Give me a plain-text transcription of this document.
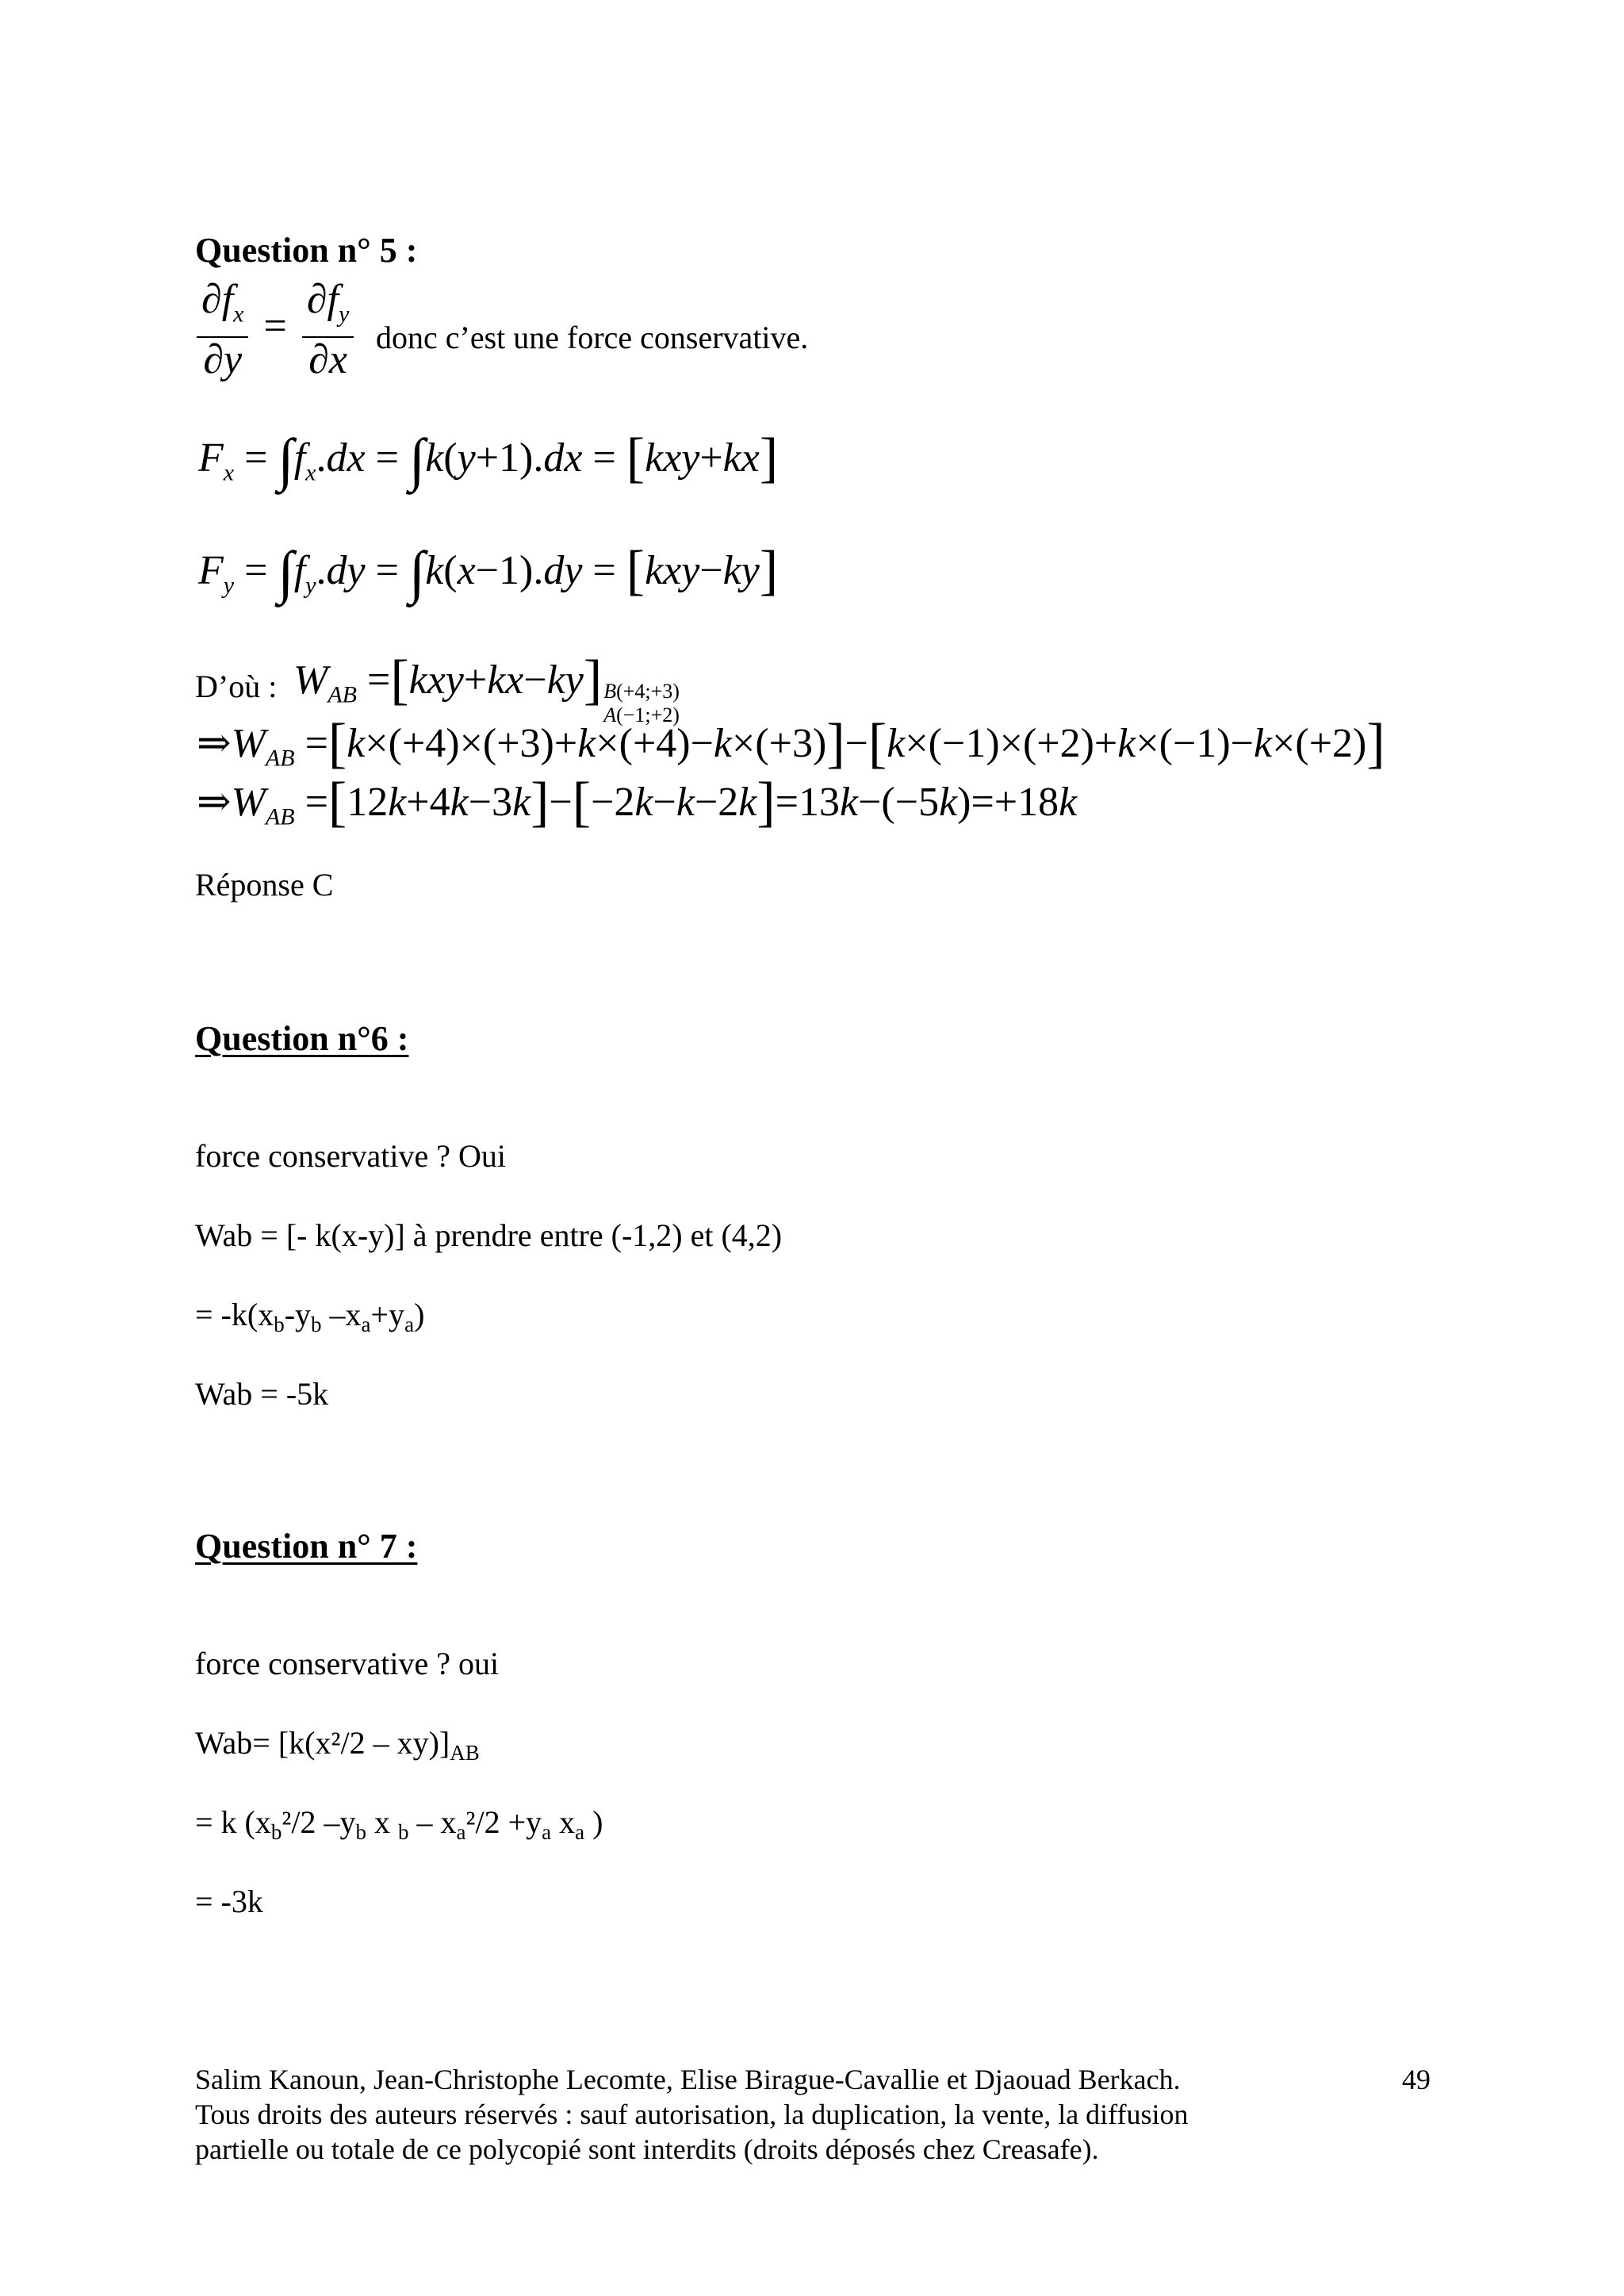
Question n° 5 :
$\frac{\partial f_x}{\partial y} = \frac{\partial f_y}{\partial x}$ donc c’est une force conservative.
$F_x = \int f_x.dx = \int k(y+1).dx = [kxy+kx]$
$F_y = \int f_y.dy = \int k(x-1).dy = [kxy-ky]$
D’où : $W_{AB} =[kxy+kx-ky]$ B(+4;+3)
A(−1;+2)
$\Rightarrow W_{AB} =[k\times(+4)\times(+3)+k\times(+4)-k\times(+3)]-[k\times(-1)\times(+2)+k\times(-1)-k\times(+2)]$
$\Rightarrow W_{AB} =[12k+4k-3k]-[-2k-k-2k]=13k-(-5k)=+18k$
Réponse C
Question n°6 :
force conservative ? Oui
Wab = [- k(x-y)] à prendre entre (-1,2) et (4,2)
= $-k(x_b-y_b$ $-x_a+y_a$)
Wab = -5k
Question n° 7 :
force conservative ? oui
$Wab= [k(x^2/2 - xy)]_{AB}$
= k ($x_b^2/2$ $-y_b$ x $_b - x_a^2/2 +y_a$ $x_a$ )
= -3k
Salim Kanoun, Jean-Christophe Lecomte, Elise Birague-Cavallie et Djaouad Berkach.	49
Tous droits des auteurs réservés : sauf autorisation, la duplication, la vente, la diffusion
partielle ou totale de ce polycopié sont interdits (droits déposés chez Creasafe).
